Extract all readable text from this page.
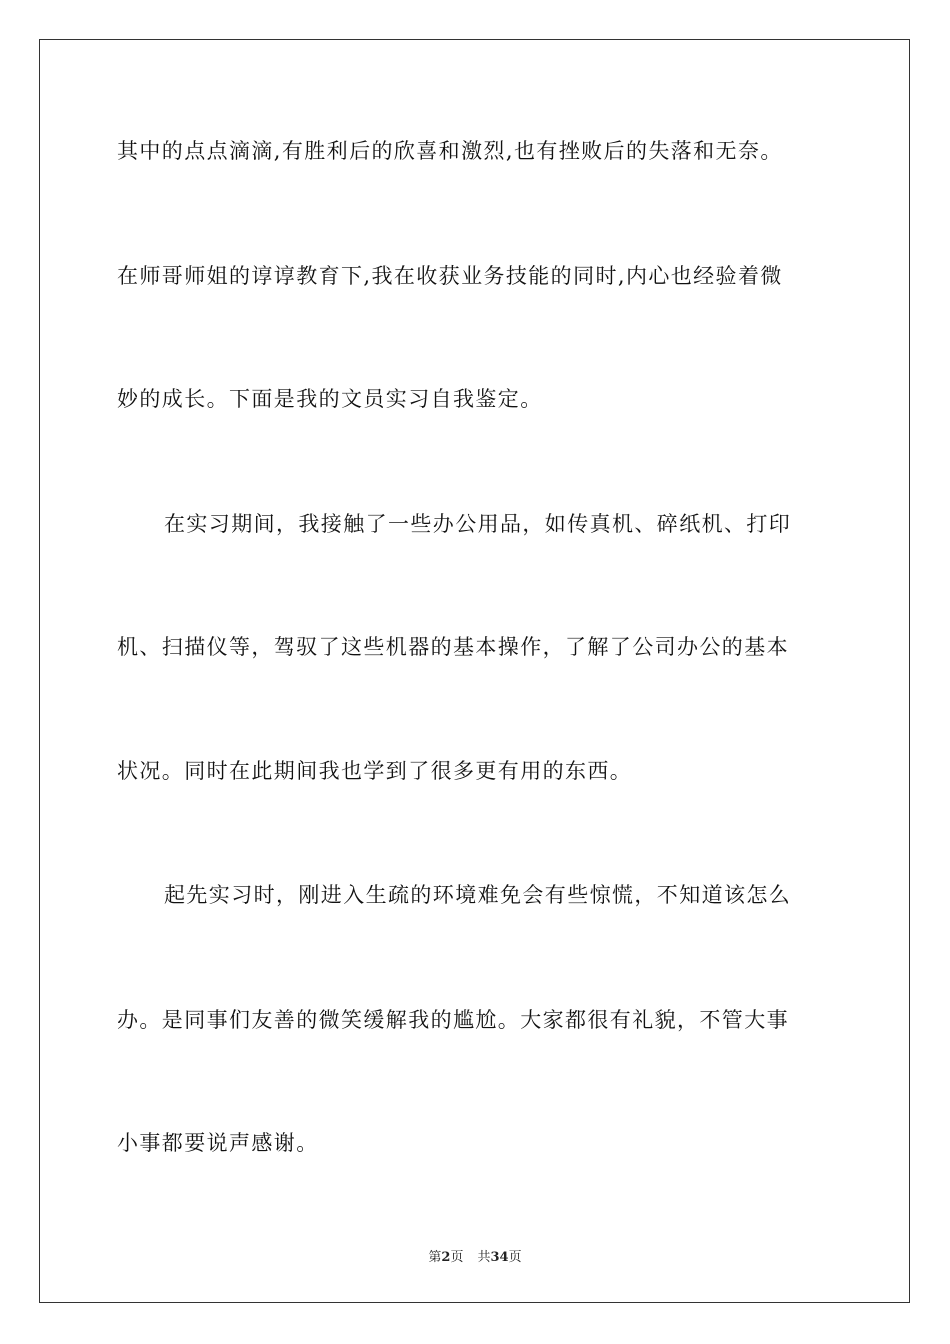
其中的点点滴滴,有胜利后的欣喜和激烈,也有挫败后的失落和无奈。
在师哥师姐的谆谆教育下,我在收获业务技能的同时,内心也经验着微
妙的成长。下面是我的文员实习自我鉴定。
在实习期间，我接触了一些办公用品，如传真机、碎纸机、打印
机、扫描仪等，驾驭了这些机器的基本操作，了解了公司办公的基本
状况。同时在此期间我也学到了很多更有用的东西。
起先实习时，刚进入生疏的环境难免会有些惊慌，不知道该怎么
办。是同事们友善的微笑缓解我的尴尬。大家都很有礼貌，不管大事
小事都要说声感谢。
第2页 共34页
